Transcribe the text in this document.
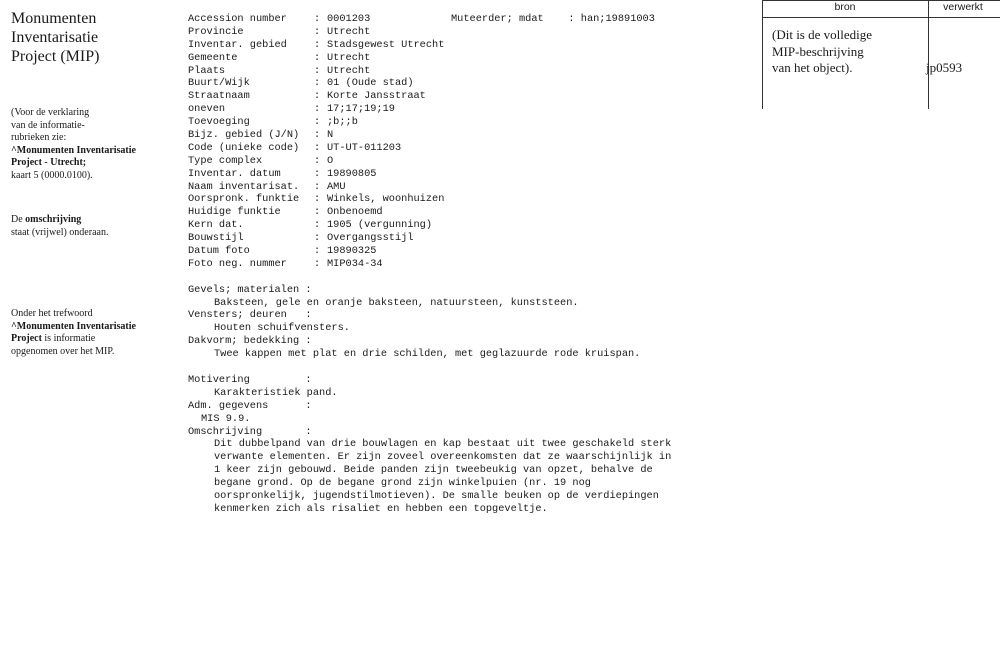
Monumenten
Inventarisatie
Project (MIP)
(Voor de verklaring
van de informatie-
rubrieken zie:
^Monumenten Inventarisatie
Project - Utrecht;
kaart 5 (0000.0100).
De omschrijving
staat (vrijwel) onderaan.
Onder het trefwoord
^Monumenten Inventarisatie
Project is informatie
opgenomen over het MIP.
Accession number	: 0001203	Muteerder; mdat    : han;19891003
Provincie	: Utrecht
Inventar. gebied	: Stadsgewest Utrecht
Gemeente	: Utrecht
Plaats	: Utrecht
Buurt/Wijk	: 01 (Oude stad)
Straatnaam	: Korte Jansstraat
oneven	: 17;17;19;19
Toevoeging	: ;b;;b
Bijz. gebied (J/N) : N
Code (unieke code) : UT-UT-011203
Type complex	: O
Inventar. datum	: 19890805
Naam inventarisat. : AMU
Oorspronk. funktie : Winkels, woonhuizen
Huidige funktie	: Onbenoemd
Kern dat.	: 1905 (vergunning)
Bouwstijl	: Overgangsstijl
Datum foto	: 19890325
Foto neg. nummer	: MIP034-34
Gevels; materialen :
Baksteen, gele en oranje baksteen, natuursteen, kunststeen.
Vensters; deuren   :
Houten schuifvensters.
Dakvorm; bedekking :
Twee kappen met plat en drie schilden, met geglazuurde rode kruispan.
Motivering         :
Karakteristiek pand.
Adm. gegevens      :
MIS 9.9.
Omschrijving       :
Dit dubbelpand van drie bouwlagen en kap bestaat uit twee geschakeld sterk
verwante elementen. Er zijn zoveel overeenkomsten dat ze waarschijnlijk in
1 keer zijn gebouwd. Beide panden zijn tweebeukig van opzet, behalve de
begane grond. Op de begane grond zijn winkelpuien (nr. 19 nog
oorspronkelijk, jugendstilmotieven). De smalle beuken op de verdiepingen
kenmerken zich als risaliet en hebben een topgeveltje.
bron	verwerkt
(Dit is de volledige
MIP-beschrijving
van het object).	jp0593
